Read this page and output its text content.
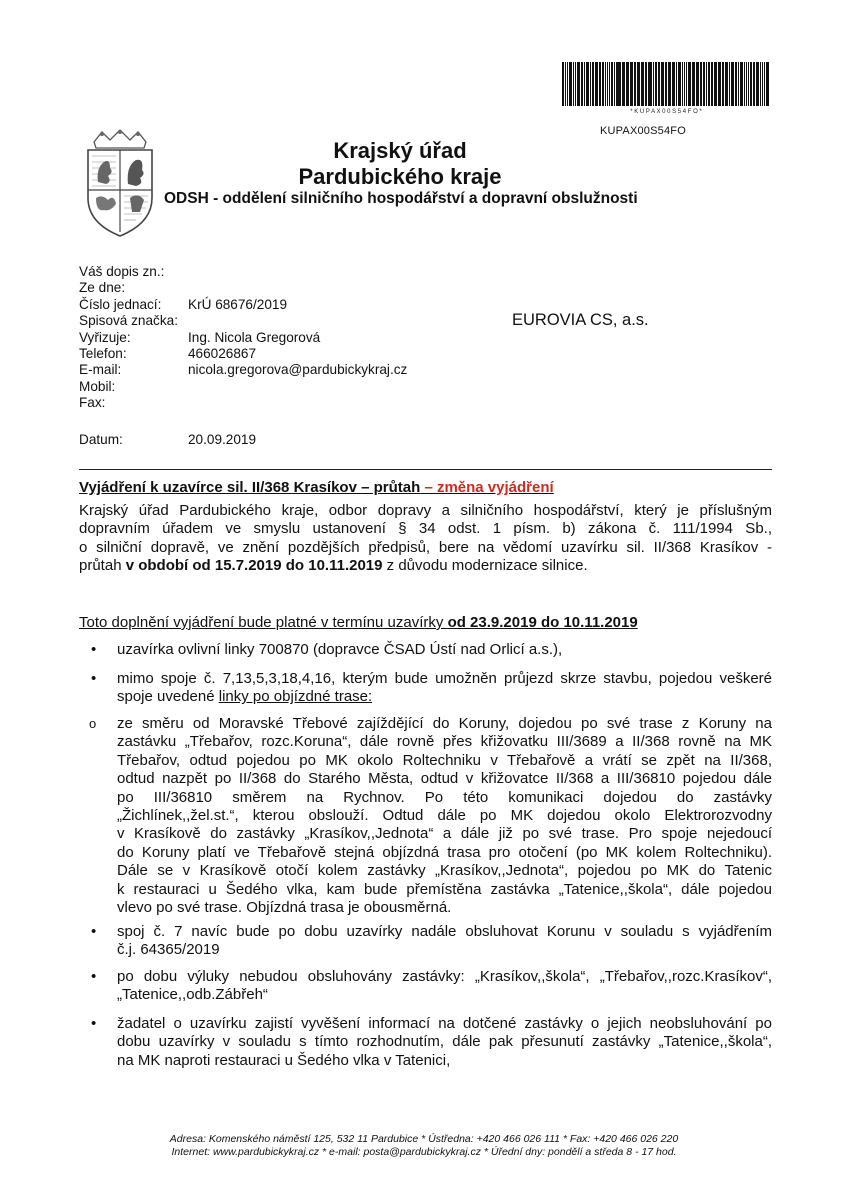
* K U P A X 0 0 S 5 4 F O *
KUPAX00S54FO
Krajský úřad
Pardubického kraje
ODSH - oddělení silničního hospodářství a dopravní obslužnosti
Váš dopis zn.:
Ze dne:
Číslo jednací: KrÚ 68676/2019
Spisová značka:
Vyřizuje:	Ing. Nicola Gregorová
Telefon:	466026867
E-mail:	nicola.gregorova@pardubickykraj.cz
Mobil:
Fax:
Datum:	20.09.2019
EUROVIA CS, a.s.
Vyjádření k uzavírce sil. II/368 Krasíkov – průtah – změna vyjádření
Krajský úřad Pardubického kraje, odbor dopravy a silničního hospodářství, který je příslušným
dopravním úřadem ve smyslu ustanovení § 34 odst. 1 písm. b) zákona č. 111/1994 Sb.,
o silniční dopravě, ve znění pozdějších předpisů, bere na vědomí uzavírku sil. II/368 Krasíkov -
průtah v období od 15.7.2019 do 10.11.2019 z důvodu modernizace silnice.
Toto doplnění vyjádření bude platné v termínu uzavírky od 23.9.2019 do 10.11.2019
• uzavírka ovlivní linky 700870 (dopravce ČSAD Ústí nad Orlicí a.s.),
• mimo spoje č. 7,13,5,3,18,4,16, kterým bude umožněn průjezd skrze stavbu, pojedou veškeré
spoje uvedené linky po objízdné trase:
o ze směru od Moravské Třebové zajíždějící do Koruny, dojedou po své trase z Koruny na
zastávku „Třebařov, rozc.Koruna“, dále rovně přes křižovatku III/3689 a II/368 rovně na MK
Třebařov, odtud pojedou po MK okolo Roltechniku v Třebařově a vrátí se zpět na II/368,
odtud nazpět po II/368 do Starého Města, odtud v křižovatce II/368 a III/36810 pojedou dále
po III/36810 směrem na Rychnov. Po této komunikaci dojedou do zastávky
„Žichlínek,,žel.st.“, kterou obslouží. Odtud dále po MK dojedou okolo Elektrorozvodny
v Krasíkově do zastávky „Krasíkov,,Jednota“ a dále již po své trase. Pro spoje nejedoucí
do Koruny platí ve Třebařově stejná objízdná trasa pro otočení (po MK kolem Roltechniku).
Dále se v Krasíkově otočí kolem zastávky „Krasíkov,,Jednota“, pojedou po MK do Tatenic
k restauraci u Šedého vlka, kam bude přemístěna zastávka „Tatenice,,škola“, dále pojedou
vlevo po své trase. Objízdná trasa je obousměrná.
• spoj č. 7 navíc bude po dobu uzavírky nadále obsluhovat Korunu v souladu s vyjádřením
č.j. 64365/2019
• po dobu výluky nebudou obsluhovány zastávky: „Krasíkov,,škola“, „Třebařov,,rozc.Krasíkov“,
„Tatenice,,odb.Zábřeh“
• žadatel o uzavírku zajistí vyvěšení informací na dotčené zastávky o jejich neobsluhování po
dobu uzavírky v souladu s tímto rozhodnutím, dále pak přesunutí zastávky „Tatenice,,škola“,
na MK naproti restauraci u Šedého vlka v Tatenici,
Adresa: Komenského náměstí 125, 532 11 Pardubice * Ústředna: +420 466 026 111 * Fax: +420 466 026 220
Internet: www.pardubickykraj.cz * e-mail: posta@pardubickykraj.cz * Úřední dny: pondělí a středa 8 - 17 hod.
